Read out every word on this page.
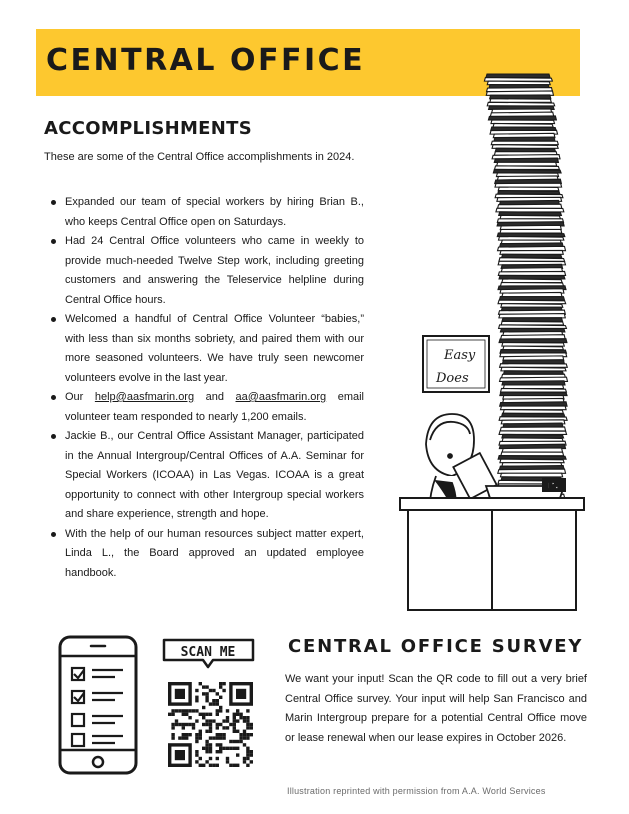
CENTRAL OFFICE
ACCOMPLISHMENTS

These are some of the Central Office accomplishments in 2024.

Expanded our team of special workers by hiring Brian B., who keeps Central Office open on Saturdays.
Had 24 Central Office volunteers who came in weekly to provide much-needed Twelve Step work, including greeting customers and answering the Teleservice helpline during Central Office hours.
Welcomed a handful of Central Office Volunteer “babies,” with less than six months sobriety, and paired them with our more seasoned volunteers. We have truly seen newcomer volunteers evolve in the last year.
Our help@aasfmarin.org and aa@aasfmarin.org email volunteer team responded to nearly 1,200 emails.
Jackie B., our Central Office Assistant Manager, participated in the Annual Intergroup/Central Offices of A.A. Seminar for Special Workers (ICOAA) in Las Vegas. ICOAA is a great opportunity to connect with other Intergroup special workers and share experience, strength and hope.
With the help of our human resources subject matter expert, Linda L., the Board approved an updated employee handbook.
Easy
Does
IN
SCAN ME	CENTRAL OFFICE SURVEY

We want your input! Scan the QR code to fill out a very brief Central Office survey. Your input will help San Francisco and Marin Intergroup prepare for a potential Central Office move or lease renewal when our lease expires in October 2026.

Illustration reprinted with permission from A.A. World Services
